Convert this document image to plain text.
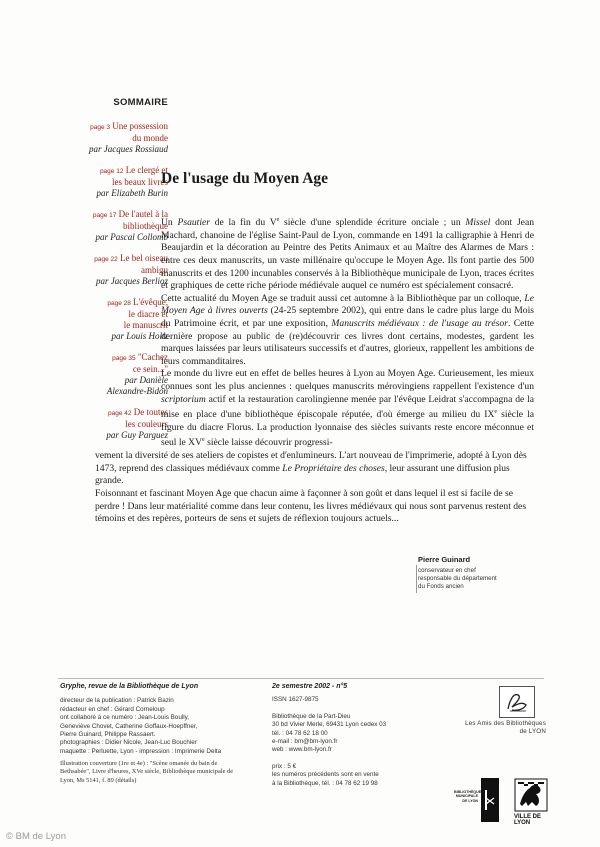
SOMMAIRE
page 3 Une possession
du monde
par Jacques Rossiaud
page 12 Le clergé et
les beaux livres
par Elizabeth Burin
page 17 De l'autel à la
bibliothèque
par Pascal Collomb
page 22 Le bel oiseau
ambigu
par Jacques Berlioz
page 28 L'évêque,
le diacre et
le manuscrit
par Louis Holtz
page 35 "Cachez
ce sein..."
par Danièle
Alexandre-Bidon
page 42 De toutes
les couleurs
par Guy Parguez
De l'usage du Moyen Age

Un Psautier de la fin du Ve siècle d'une splendide écriture onciale ; un Missel dont Jean Machard, chanoine de l'église Saint-Paul de Lyon, commande en 1491 la calligraphie à Henri de Beaujardin et la décoration au Peintre des Petits Animaux et au Maître des Alarmes de Mars : entre ces deux manuscrits, un vaste millénaire qu'occupe le Moyen Age. Ils font partie des 500 manuscrits et des 1200 incunables conservés à la Bibliothèque municipale de Lyon, traces écrites et graphiques de cette riche période médiévale auquel ce numéro est spécialement consacré.

Cette actualité du Moyen Age se traduit aussi cet automne à la Bibliothèque par un colloque, Le Moyen Age à livres ouverts (24-25 septembre 2002), qui entre dans le cadre plus large du Mois du Patrimoine écrit, et par une exposition, Manuscrits médiévaux : de l'usage au trésor. Cette dernière propose au public de (re)découvrir ces livres dont certains, modestes, gardent les marques laissées par leurs utilisateurs successifs et d'autres, glorieux, rappellent les ambitions de leurs commanditaires.

Le monde du livre eut en effet de belles heures à Lyon au Moyen Age. Curieusement, les mieux connues sont les plus anciennes : quelques manuscrits mérovingiens rappellent l'existence d'un scriptorium actif et la restauration carolingienne menée par l'évêque Leidrat s'accompagna de la mise en place d'une bibliothèque épiscopale réputée, d'où émerge au milieu du IXe siècle la figure du diacre Florus. La production lyonnaise des siècles suivants reste encore méconnue et seul le XVe siècle laisse découvrir progressi-

vement la diversité de ses ateliers de copistes et d'enlumineurs. L'art nouveau de l'imprimerie, adopté à Lyon dès 1473, reprend des classiques médiévaux comme Le Propriétaire des choses, leur assurant une diffusion plus grande.

Foisonnant et fascinant Moyen Age que chacun aime à façonner à son goût et dans lequel il est si facile de se perdre ! Dans leur matérialité comme dans leur contenu, les livres médiévaux qui nous sont parvenus restent des témoins et des repères, porteurs de sens et sujets de réflexion toujours actuels...

Pierre Guinard
conservateur en chef
responsable du département
du Fonds ancien
Gryphe, revue de la Bibliothèque de Lyon
directeur de la publication : Patrick Bazin
rédacteur en chef : Gérard Corneloup
ont collaboré à ce numéro : Jean-Louis Boully,
Geneviève Chovet, Catherine Goffaux-Hoepffner,
Pierre Guinard, Philippe Rassaert.
photographies : Didier Nicole, Jean-Luc Bouchier
maquette : Perluette, Lyon - impression : Imprimerie Delta
Illustration couverture (1re et 4e) : "Scène omanée du bain de
Bethsabée", Livre d'heures, XVe siècle, Bibliothèque municipale de
Lyon, Ms 5141, f. 89 (détails)
2e semestre 2002 - n°5
ISSN 1627-9875
Bibliothèque de la Part-Dieu
30 bd Vivier Merle, 69431 Lyon cedex 03
tél. : 04 78 62 18 00
e-mail : bm@bm-lyon.fr
web : www.bm-lyon.fr
prix : 5 €
les numéros précédents sont en vente
à la Bibliothèque, tél. : 04 78 62 19 98
Les Amis des Bibliothèques
de LYON
BIBLIOTHÈQUE
MUNICIPALE
DE LYON
VILLE DE LYON
© BM de Lyon
